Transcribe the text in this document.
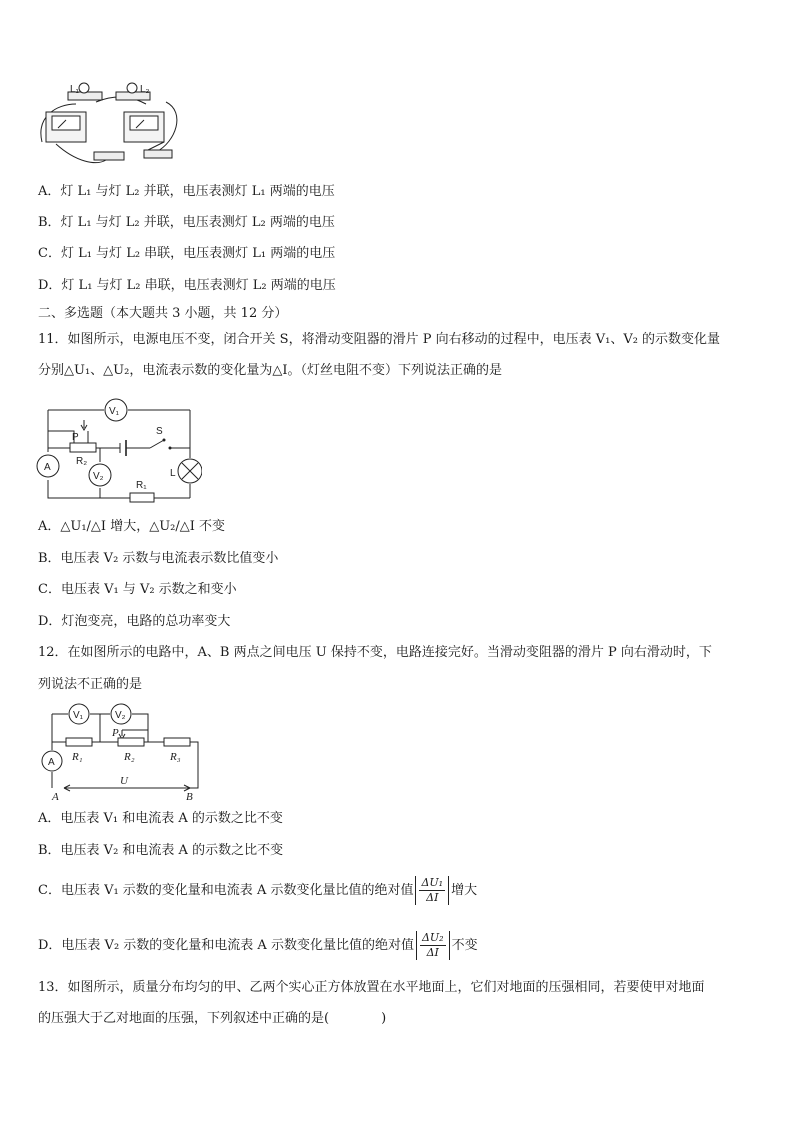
L₁	L₂
A．灯 L₁ 与灯 L₂ 并联，电压表测灯 L₁ 两端的电压
B．灯 L₁ 与灯 L₂ 并联，电压表测灯 L₂ 两端的电压
C．灯 L₁ 与灯 L₂ 串联，电压表测灯 L₁ 两端的电压
D．灯 L₁ 与灯 L₂ 串联，电压表测灯 L₂ 两端的电压
二、多选题（本大题共 3 小题，共 12 分）
11．如图所示，电源电压不变，闭合开关 S，将滑动变阻器的滑片 P 向右移动的过程中，电压表 V₁、V₂ 的示数变化量
分别△U₁、△U₂，电流表示数的变化量为△I。（灯丝电阻不变）下列说法正确的是
V₁
V₂
P
R₂
S
A
L
R₁
A．△U₁/△I 增大，△U₂/△I 不变
B．电压表 V₂ 示数与电流表示数比值变小
C．电压表 V₁ 与 V₂ 示数之和变小
D．灯泡变亮，电路的总功率变大
12．在如图所示的电路中，A、B 两点之间电压 U 保持不变，电路连接完好。当滑动变阻器的滑片 P 向右滑动时，下
列说法不正确的是
V₁	V₂
P
A R₁	R₂	R₃
U
A	B
A．电压表 V₁ 和电流表 A 的示数之比不变
B．电压表 V₂ 和电流表 A 的示数之比不变
C．电压表 V₁ 示数的变化量和电流表 A 示数变化量比值的绝对值 $\frac{\text{ΔU₁}}{\Delta I}$ 增大
D．电压表 V₂ 示数的变化量和电流表 A 示数变化量比值的绝对值 $\frac{\text{ΔU₂}}{\Delta I}$ 不变
13．如图所示，质量分布均匀的甲、乙两个实心正方体放置在水平地面上，它们对地面的压强相同，若要使甲对地面
的压强大于乙对地面的压强，下列叙述中正确的是(　　　　)
